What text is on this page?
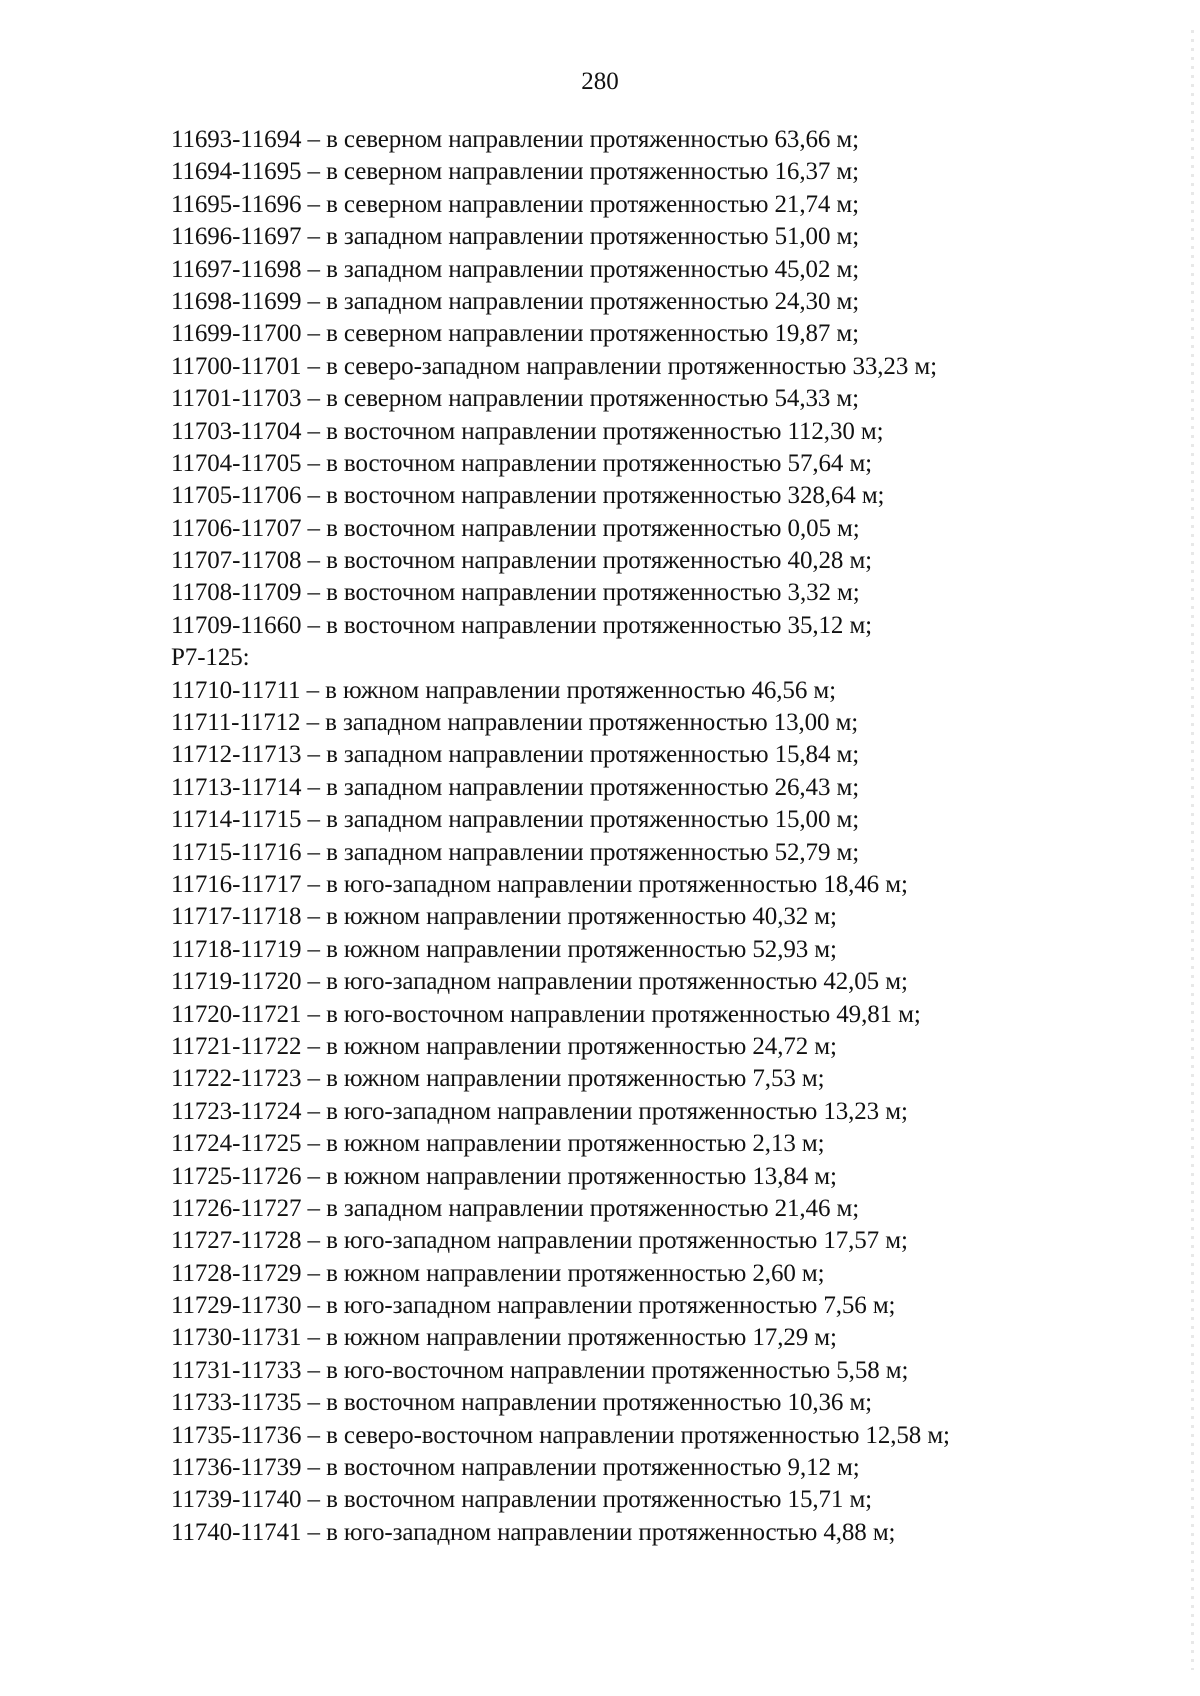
280
11693-11694 – в северном направлении протяженностью 63,66 м;
11694-11695 – в северном направлении протяженностью 16,37 м;
11695-11696 – в северном направлении протяженностью 21,74 м;
11696-11697 – в западном направлении протяженностью 51,00 м;
11697-11698 – в западном направлении протяженностью 45,02 м;
11698-11699 – в западном направлении протяженностью 24,30 м;
11699-11700 – в северном направлении протяженностью 19,87 м;
11700-11701 – в северо-западном направлении протяженностью 33,23 м;
11701-11703 – в северном направлении протяженностью 54,33 м;
11703-11704 – в восточном направлении протяженностью 112,30 м;
11704-11705 – в восточном направлении протяженностью 57,64 м;
11705-11706 – в восточном направлении протяженностью 328,64 м;
11706-11707 – в восточном направлении протяженностью 0,05 м;
11707-11708 – в восточном направлении протяженностью 40,28 м;
11708-11709 – в восточном направлении протяженностью 3,32 м;
11709-11660 – в восточном направлении протяженностью 35,12 м;
Р7-125:
11710-11711 – в южном направлении протяженностью 46,56 м;
11711-11712 – в западном направлении протяженностью 13,00 м;
11712-11713 – в западном направлении протяженностью 15,84 м;
11713-11714 – в западном направлении протяженностью 26,43 м;
11714-11715 – в западном направлении протяженностью 15,00 м;
11715-11716 – в западном направлении протяженностью 52,79 м;
11716-11717 – в юго-западном направлении протяженностью 18,46 м;
11717-11718 – в южном направлении протяженностью 40,32 м;
11718-11719 – в южном направлении протяженностью 52,93 м;
11719-11720 – в юго-западном направлении протяженностью 42,05 м;
11720-11721 – в юго-восточном направлении протяженностью 49,81 м;
11721-11722 – в южном направлении протяженностью 24,72 м;
11722-11723 – в южном направлении протяженностью 7,53 м;
11723-11724 – в юго-западном направлении протяженностью 13,23 м;
11724-11725 – в южном направлении протяженностью 2,13 м;
11725-11726 – в южном направлении протяженностью 13,84 м;
11726-11727 – в западном направлении протяженностью 21,46 м;
11727-11728 – в юго-западном направлении протяженностью 17,57 м;
11728-11729 – в южном направлении протяженностью 2,60 м;
11729-11730 – в юго-западном направлении протяженностью 7,56 м;
11730-11731 – в южном направлении протяженностью 17,29 м;
11731-11733 – в юго-восточном направлении протяженностью 5,58 м;
11733-11735 – в восточном направлении протяженностью 10,36 м;
11735-11736 – в северо-восточном направлении протяженностью 12,58 м;
11736-11739 – в восточном направлении протяженностью 9,12 м;
11739-11740 – в восточном направлении протяженностью 15,71 м;
11740-11741 – в юго-западном направлении протяженностью 4,88 м;
